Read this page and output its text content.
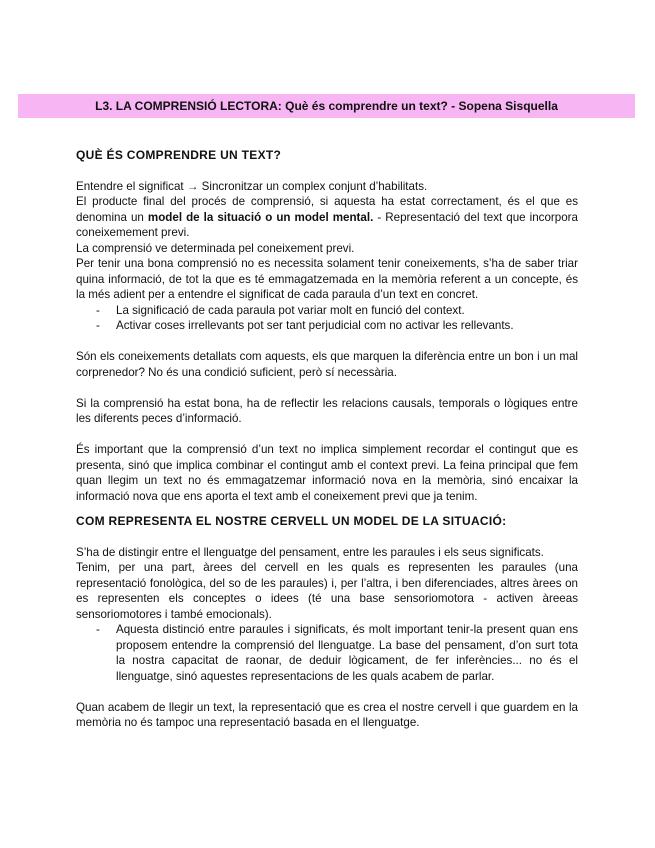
L3. LA COMPRENSIÓ LECTORA: Què és comprendre un text? - Sopena Sisquella
QUÈ ÉS COMPRENDRE UN TEXT?

Entendre el significat → Sincronitzar un complex conjunt d’habilitats.

El producte final del procés de comprensió, si aquesta ha estat correctament, és el que es denomina un model de la situació o un model mental. - Representació del text que incorpora coneixemement previ.

La comprensió ve determinada pel coneixement previ.

Per tenir una bona comprensió no es necessita solament tenir coneixements, s’ha de saber triar quina informació, de tot la que es té emmagatzemada en la memòria referent a un concepte, és la més adient per a entendre el significat de cada paraula d’un text en concret.

- La significació de cada paraula pot variar molt en funció del context.
- Activar coses irrellevants pot ser tant perjudicial com no activar les rellevants.

Són els coneixements detallats com aquests, els que marquen la diferència entre un bon i un mal corprenedor? No és una condició suficient, però sí necessària.

Si la comprensió ha estat bona, ha de reflectir les relacions causals, temporals o lògiques entre les diferents peces d’informació.

És important que la comprensió d’un text no implica simplement recordar el contingut que es presenta, sinó que implica combinar el contingut amb el context previ. La feina principal que fem quan llegim un text no és emmagatzemar informació nova en la memòria, sinó encaixar la informació nova que ens aporta el text amb el coneixement previ que ja tenim.

COM REPRESENTA EL NOSTRE CERVELL UN MODEL DE LA SITUACIÓ:

S’ha de distingir entre el llenguatge del pensament, entre les paraules i els seus significats.

Tenim, per una part, àrees del cervell en les quals es representen les paraules (una representació fonològica, del so de les paraules) i, per l’altra, i ben diferenciades, altres àrees on es representen els conceptes o idees (té una base sensoriomotora - activen àreeas sensoriomotores i també emocionals).

- Aquesta distinció entre paraules i significats, és molt important tenir-la present quan ens proposem entendre la comprensió del llenguatge. La base del pensament, d’on surt tota la nostra capacitat de raonar, de deduir lògicament, de fer inferències... no és el llenguatge, sinó aquestes representacions de les quals acabem de parlar.

Quan acabem de llegir un text, la representació que es crea el nostre cervell i que guardem en la memòria no és tampoc una representació basada en el llenguatge.
